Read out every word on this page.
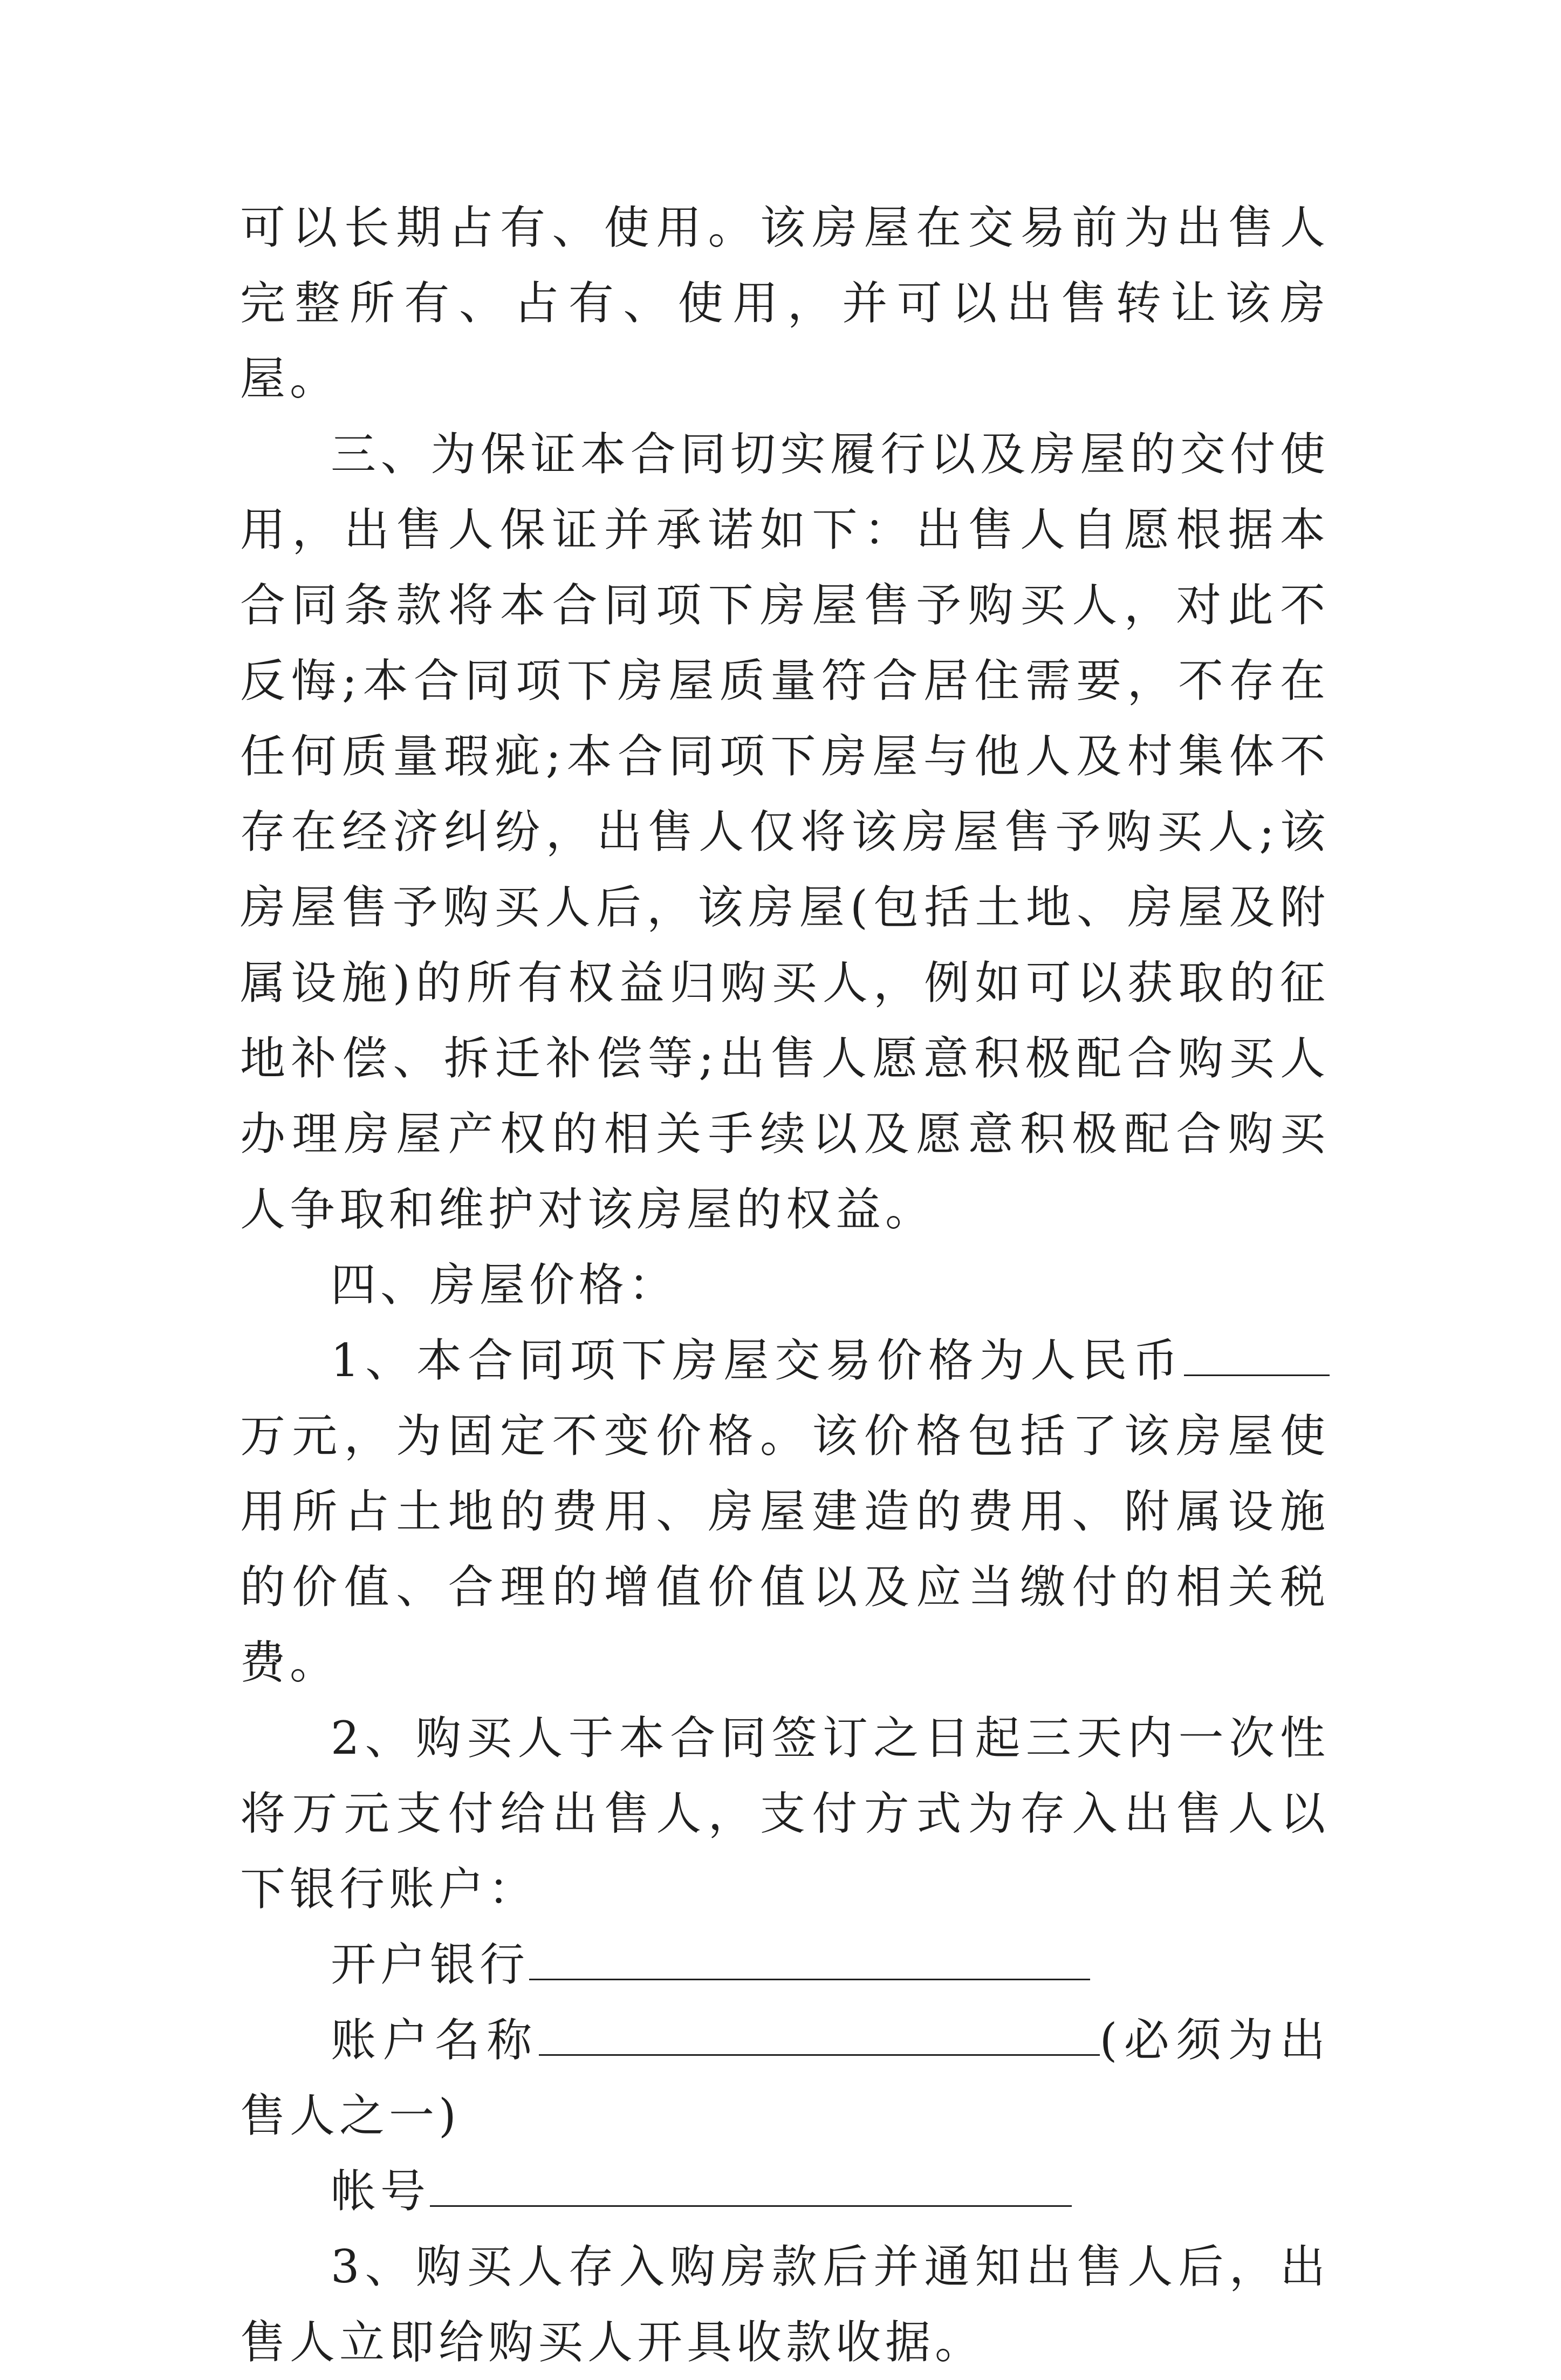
可以长期占有、使用。该房屋在交易前为出售人完整所有、占有、使用，并可以出售转让该房屋。

三、为保证本合同切实履行以及房屋的交付使用，出售人保证并承诺如下：出售人自愿根据本合同条款将本合同项下房屋售予购买人，对此不反悔;本合同项下房屋质量符合居住需要，不存在任何质量瑕疵;本合同项下房屋与他人及村集体不存在经济纠纷，出售人仅将该房屋售予购买人;该房屋售予购买人后，该房屋(包括土地、房屋及附属设施)的所有权益归购买人，例如可以获取的征地补偿、拆迁补偿等;出售人愿意积极配合购买人办理房屋产权的相关手续以及愿意积极配合购买人争取和维护对该房屋的权益。

四、房屋价格：

1、本合同项下房屋交易价格为人民币万元，为固定不变价格。该价格包括了该房屋使用所占土地的费用、房屋建造的费用、附属设施的价值、合理的增值价值以及应当缴付的相关税费。

2、购买人于本合同签订之日起三天内一次性将万元支付给出售人，支付方式为存入出售人以下银行账户：

开户银行

账户名称	(必须为出售人之一)

帐号

3、购买人存入购房款后并通知出售人后，出售人立即给购买人开具收款收据。
